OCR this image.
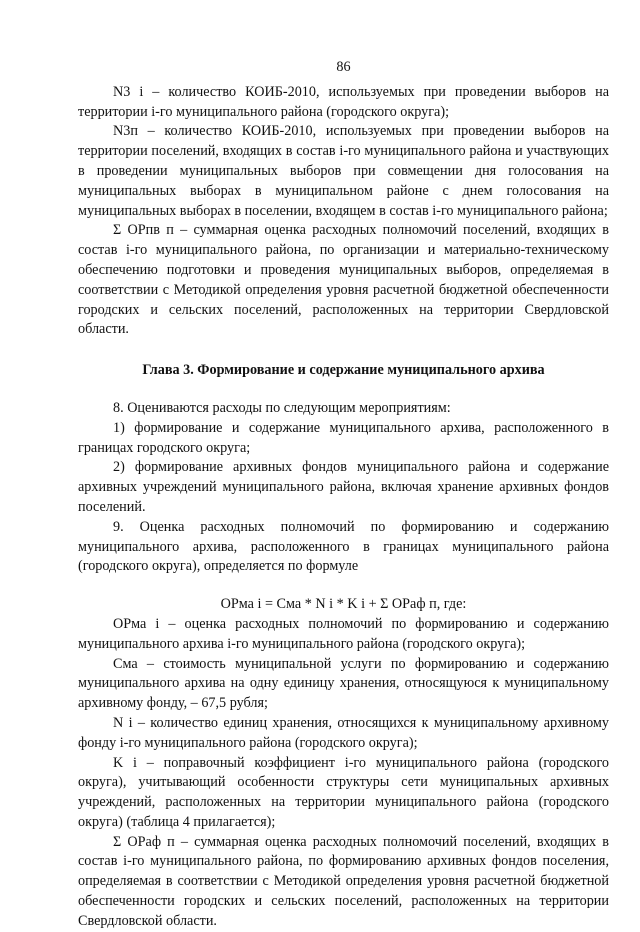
86

N3 i – количество КОИБ-2010, используемых при проведении выборов на территории i-го муниципального района (городского округа);

N3п – количество КОИБ-2010, используемых при проведении выборов на территории поселений, входящих в состав i-го муниципального района и участвующих в проведении муниципальных выборов при совмещении дня голосования на муниципальных выборах в муниципальном районе с днем голосования на муниципальных выборах в поселении, входящем в состав i-го муниципального района;

Σ ОРпв п – суммарная оценка расходных полномочий поселений, входящих в состав i-го муниципального района, по организации и материально-техническому обеспечению подготовки и проведения муниципальных выборов, определяемая в соответствии с Методикой определения уровня расчетной бюджетной обеспеченности городских и сельских поселений, расположенных на территории Свердловской области.

Глава 3. Формирование и содержание муниципального архива

8. Оцениваются расходы по следующим мероприятиям:

1) формирование и содержание муниципального архива, расположенного в границах городского округа;

2) формирование архивных фондов муниципального района и содержание архивных учреждений муниципального района, включая хранение архивных фондов поселений.

9. Оценка расходных полномочий по формированию и содержанию муниципального архива, расположенного в границах муниципального района (городского округа), определяется по формуле

ОРма i = Сма * N i * K i + Σ ОРаф п, где:

ОРма i – оценка расходных полномочий по формированию и содержанию муниципального архива i-го муниципального района (городского округа);

Сма – стоимость муниципальной услуги по формированию и содержанию муниципального архива на одну единицу хранения, относящуюся к муниципальному архивному фонду, – 67,5 рубля;

N i – количество единиц хранения, относящихся к муниципальному архивному фонду i-го муниципального района (городского округа);

K i – поправочный коэффициент i-го муниципального района (городского округа), учитывающий особенности структуры сети муниципальных архивных учреждений, расположенных на территории муниципального района (городского округа) (таблица 4 прилагается);

Σ ОРаф п – суммарная оценка расходных полномочий поселений, входящих в состав i-го муниципального района, по формированию архивных фондов поселения, определяемая в соответствии с Методикой определения уровня расчетной бюджетной обеспеченности городских и сельских поселений, расположенных на территории Свердловской области.
